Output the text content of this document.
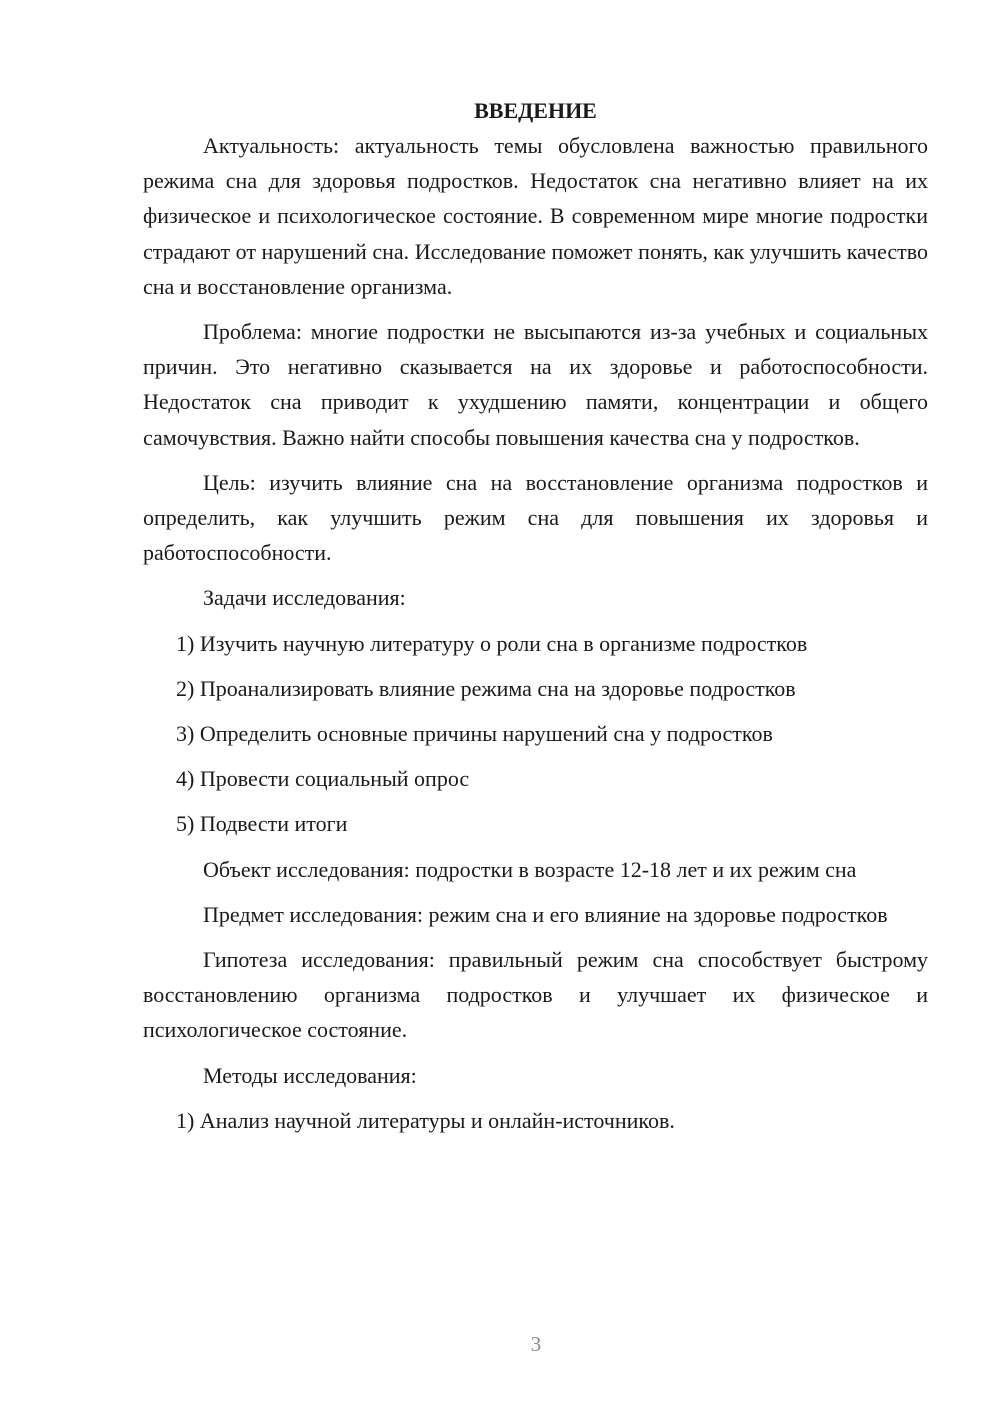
ВВЕДЕНИЕ

Актуальность: актуальность темы обусловлена важностью правильного режима сна для здоровья подростков. Недостаток сна негативно влияет на их физическое и психологическое состояние. В современном мире многие подростки страдают от нарушений сна. Исследование поможет понять, как улучшить качество сна и восстановление организма.

Проблема: многие подростки не высыпаются из-за учебных и социальных причин. Это негативно сказывается на их здоровье и работоспособности. Недостаток сна приводит к ухудшению памяти, концентрации и общего самочувствия. Важно найти способы повышения качества сна у подростков.

Цель: изучить влияние сна на восстановление организма подростков и определить, как улучшить режим сна для повышения их здоровья и работоспособности.

Задачи исследования:

1) Изучить научную литературу о роли сна в организме подростков

2) Проанализировать влияние режима сна на здоровье подростков

3) Определить основные причины нарушений сна у подростков

4) Провести социальный опрос

5) Подвести итоги

Объект исследования: подростки в возрасте 12-18 лет и их режим сна

Предмет исследования: режим сна и его влияние на здоровье подростков

Гипотеза исследования: правильный режим сна способствует быстрому восстановлению организма подростков и улучшает их физическое и психологическое состояние.

Методы исследования:

1) Анализ научной литературы и онлайн-источников.

3
